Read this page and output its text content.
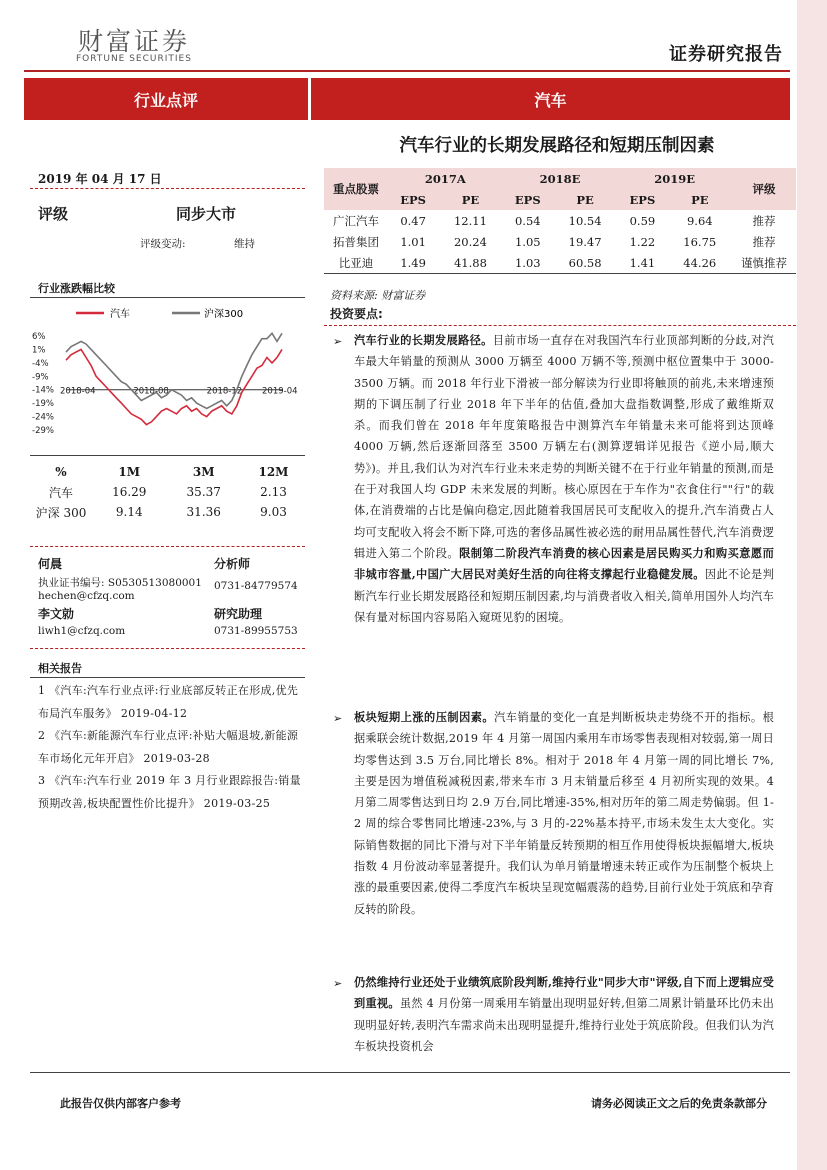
财富证券
FORTUNE SECURITIES	证券研究报告
行业点评	汽车
汽车行业的长期发展路径和短期压制因素
2019 年 04 月 17 日
评级	同步大市
评级变动:	维持
行业涨跌幅比较
汽车	沪深300
6%
1%
-4%
-9%
-14%
-19%
-24%
-29%
2018-04	2018-08	2018-12 2019-04
%	1M	3M	12M
汽车	16.29	35.37	2.13
沪深 300	9.14	31.36	9.03
何晨	分析师
执业证书编号: S0530513080001 0731-84779574
hechen@cfzq.com
李文勍	研究助理
liwh1@cfzq.com	0731-89955753
相关报告
1 《汽车:汽车行业点评:行业底部反转正在形成,优先布局汽车服务》 2019-04-12
2 《汽车:新能源汽车行业点评:补贴大幅退坡,新能源车市场化元年开启》 2019-03-28
3 《汽车:汽车行业 2019 年 3 月行业跟踪报告:销量预期改善,板块配置性价比提升》 2019-03-25
重点股票	2017A		2018E		2019E		评级
	EPS	PE	EPS	PE	EPS	PE	
广汇汽车	0.47	12.11	0.54	10.54	0.59	9.64	推荐
拓普集团	1.01	20.24	1.05	19.47	1.22	16.75	推荐
比亚迪	1.49	41.88	1.03	60.58	1.41	44.26	谨慎推荐
资料来源: 财富证券
投资要点:
➢ 汽车行业的长期发展路径。目前市场一直存在对我国汽车行业顶部判断的分歧,对汽车最大年销量的预测从 3000 万辆至 4000 万辆不等,预测中枢位置集中于 3000-3500 万辆。而 2018 年行业下滑被一部分解读为行业即将触顶的前兆,未来增速预期的下调压制了行业 2018 年下半年的估值,叠加大盘指数调整,形成了戴维斯双杀。而我们曾在 2018 年年度策略报告中测算汽车年销量未来可能将到达顶峰 4000 万辆,然后逐渐回落至 3500 万辆左右(测算逻辑详见报告《逆小局,顺大势》)。并且,我们认为对汽车行业未来走势的判断关键不在于行业年销量的预测,而是在于对我国人均 GDP 未来发展的判断。核心原因在于车作为"衣食住行""行"的载体,在消费端的占比是偏向稳定,因此随着我国居民可支配收入的提升,汽车消费占人均可支配收入将会不断下降,可选的奢侈品属性被必选的耐用品属性替代,汽车消费逻辑进入第二个阶段。限制第二阶段汽车消费的核心因素是居民购买力和购买意愿而非城市容量,中国广大居民对美好生活的向往将支撑起行业稳健发展。因此不论是判断汽车行业长期发展路径和短期压制因素,均与消费者收入相关,简单用国外人均汽车保有量对标国内容易陷入窥斑见豹的困境。
➢ 板块短期上涨的压制因素。汽车销量的变化一直是判断板块走势绕不开的指标。根据乘联会统计数据,2019 年 4 月第一周国内乘用车市场零售表现相对较弱,第一周日均零售达到 3.5 万台,同比增长 8%。相对于 2018 年 4 月第一周的同比增长 7%,主要是因为增值税减税因素,带来车市 3 月末销量后移至 4 月初所实现的效果。4 月第二周零售达到日均 2.9 万台,同比增速-35%,相对历年的第二周走势偏弱。但 1-2 周的综合零售同比增速-23%,与 3 月的-22%基本持平,市场未发生太大变化。实际销售数据的同比下滑与对下半年销量反转预期的相互作用使得板块振幅增大,板块指数 4 月份波动率显著提升。我们认为单月销量增速未转正或作为压制整个板块上涨的最重要因素,使得二季度汽车板块呈现宽幅震荡的趋势,目前行业处于筑底和孕育反转的阶段。
➢ 仍然维持行业还处于业绩筑底阶段判断,维持行业"同步大市"评级,自下而上逻辑应受到重视。虽然 4 月份第一周乘用车销量出现明显好转,但第二周累计销量环比仍未出现明显好转,表明汽车需求尚未出现明显提升,维持行业处于筑底阶段。但我们认为汽车板块投资机会
此报告仅供内部客户参考	请务必阅读正文之后的免责条款部分
